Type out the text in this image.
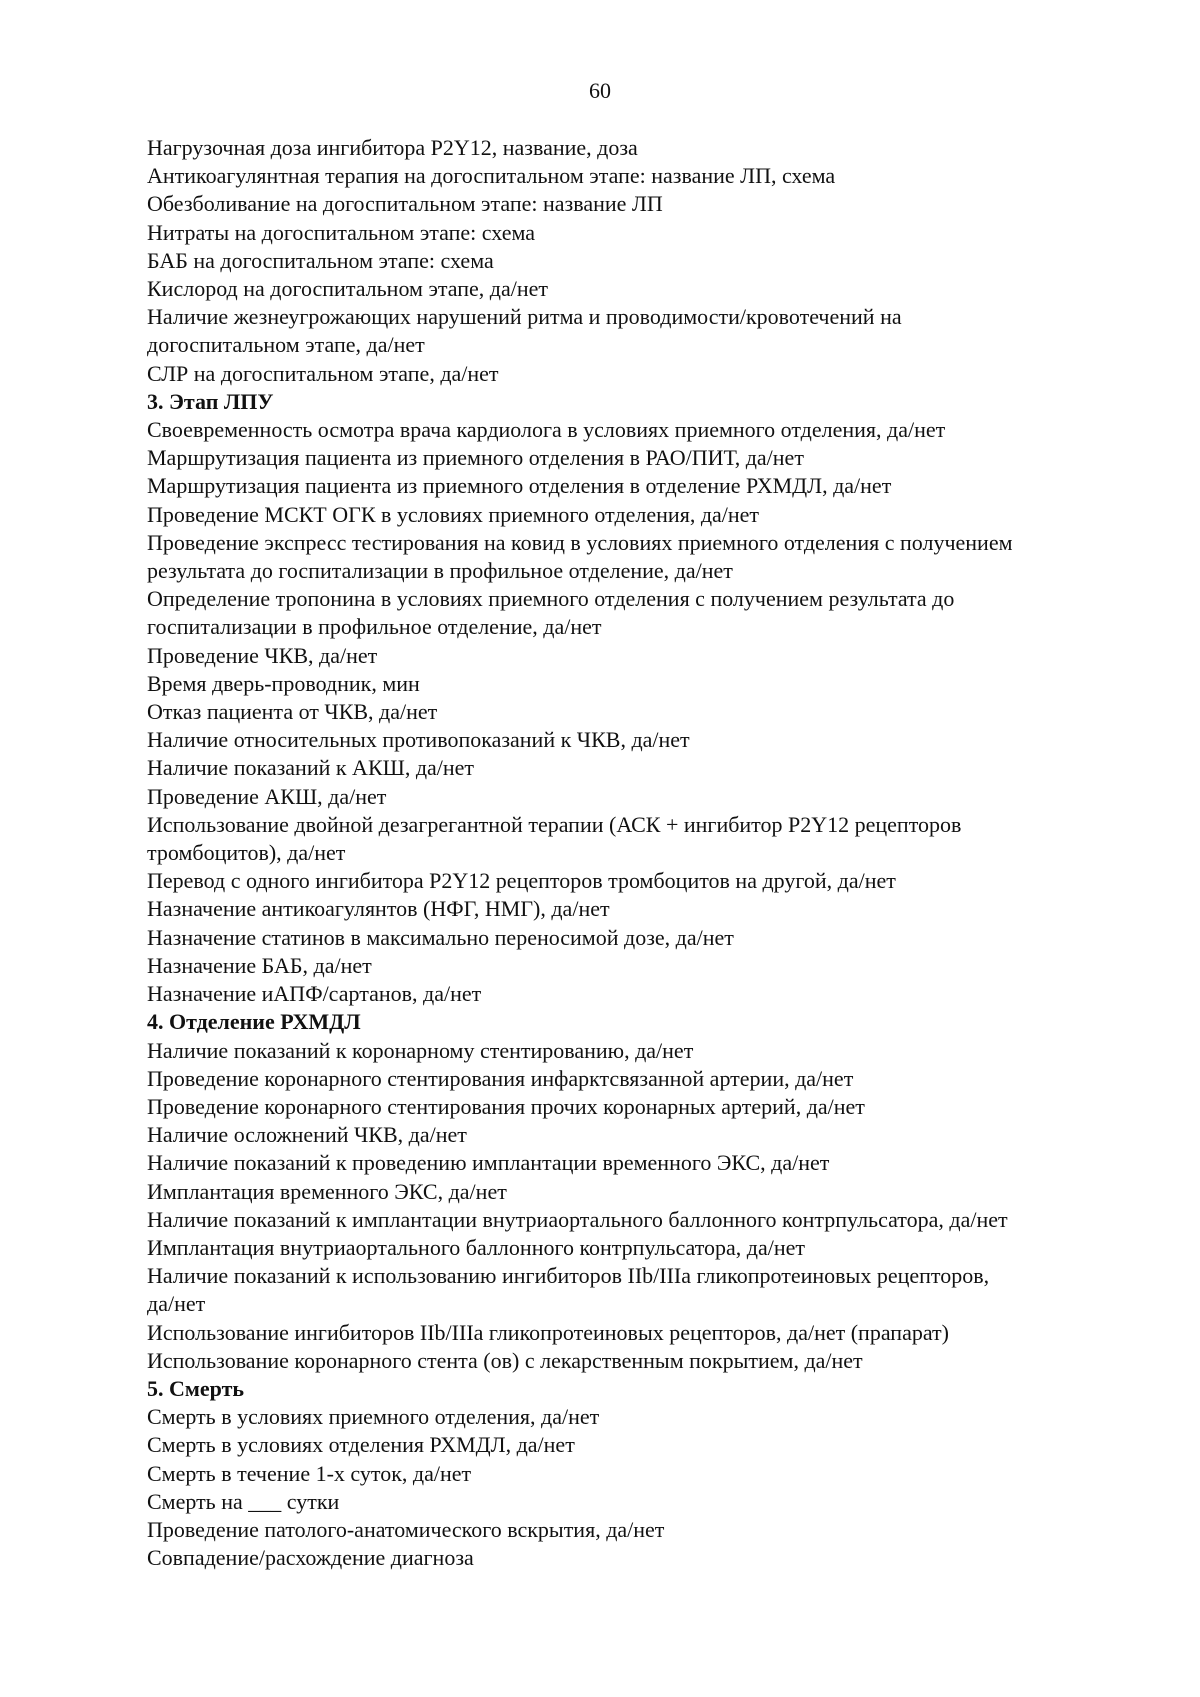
60
Нагрузочная доза ингибитора Р2Y12, название, доза
Антикоагулянтная терапия на догоспитальном этапе: название ЛП, схема
Обезболивание на догоспитальном этапе: название ЛП
Нитраты на догоспитальном этапе: схема
БАБ на догоспитальном этапе: схема
Кислород на догоспитальном этапе, да/нет
Наличие жезнеугрожающих нарушений ритма и проводимости/кровотечений на
догоспитальном этапе, да/нет
СЛР на догоспитальном этапе, да/нет
3. Этап ЛПУ
Своевременность осмотра врача кардиолога в условиях приемного отделения, да/нет
Маршрутизация пациента из приемного отделения в РАО/ПИТ, да/нет
Маршрутизация пациента из приемного отделения в отделение РХМДЛ, да/нет
Проведение МСКТ ОГК в условиях приемного отделения, да/нет
Проведение экспресс тестирования на ковид в условиях приемного отделения с получением
результата до госпитализации в профильное отделение, да/нет
Определение тропонина в условиях приемного отделения с получением результата до
госпитализации в профильное отделение, да/нет
Проведение ЧКВ, да/нет
Время дверь-проводник, мин
Отказ пациента от ЧКВ, да/нет
Наличие относительных противопоказаний к ЧКВ, да/нет
Наличие показаний к АКШ, да/нет
Проведение АКШ, да/нет
Использование двойной дезагрегантной терапии (АСК + ингибитор Р2Y12 рецепторов
тромбоцитов), да/нет
Перевод с одного ингибитора Р2Y12 рецепторов тромбоцитов на другой, да/нет
Назначение антикоагулянтов (НФГ, НМГ), да/нет
Назначение статинов в максимально переносимой дозе, да/нет
Назначение БАБ, да/нет
Назначение иАПФ/сартанов, да/нет
4. Отделение РХМДЛ
Наличие показаний к коронарному стентированию, да/нет
Проведение коронарного стентирования инфарктсвязанной артерии, да/нет
Проведение коронарного стентирования прочих коронарных артерий, да/нет
Наличие осложнений ЧКВ, да/нет
Наличие показаний к проведению имплантации временного ЭКС, да/нет
Имплантация временного ЭКС, да/нет
Наличие показаний к имплантации внутриаортального баллонного контрпульсатора, да/нет
Имплантация внутриаортального баллонного контрпульсатора, да/нет
Наличие показаний к использованию ингибиторов IIb/IIIa гликопротеиновых рецепторов,
да/нет
Использование ингибиторов IIb/IIIa гликопротеиновых рецепторов, да/нет (прапарат)
Использование коронарного стента (ов) с лекарственным покрытием, да/нет
5. Смерть
Смерть в условиях приемного отделения, да/нет
Смерть в условиях отделения РХМДЛ, да/нет
Смерть в течение 1-х суток, да/нет
Смерть на ___ сутки
Проведение патолого-анатомического вскрытия, да/нет
Совпадение/расхождение диагноза
